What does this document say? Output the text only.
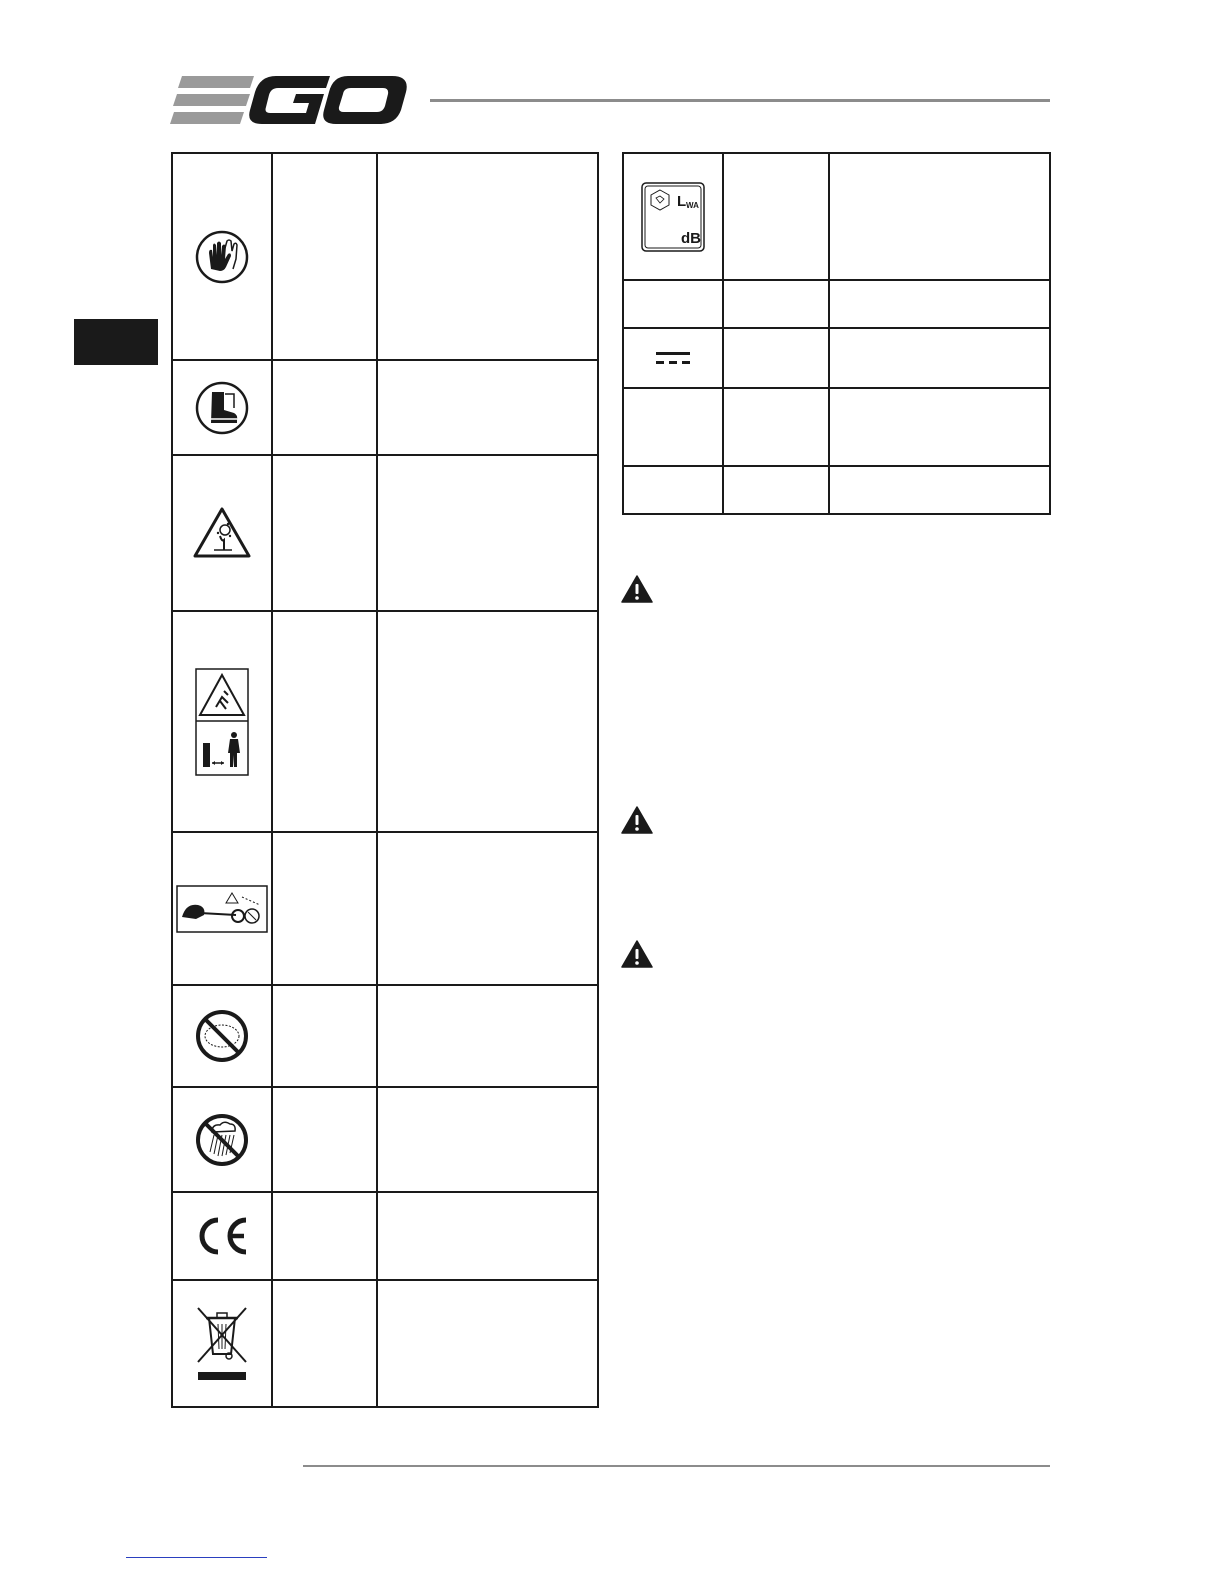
L WA
dB		
